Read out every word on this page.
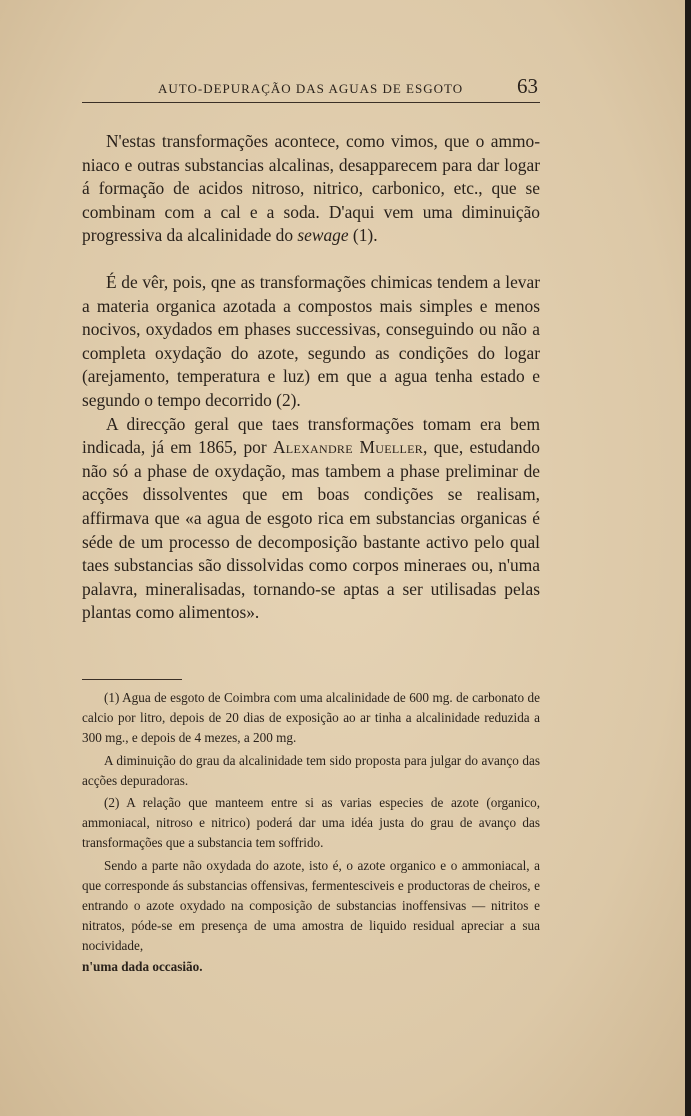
AUTO-DEPURAÇÃO DAS AGUAS DE ESGOTO	63

N'estas transformações acontece, como vimos, que o ammoniaco e outras substancias alcalinas, desapparecem para dar logar á formação de acidos nitroso, nitrico, carbonico, etc., que se combinam com a cal e a soda. D'aqui vem uma diminuição progressiva da alcalinidade do sewage (1).

É de vêr, pois, qne as transformações chimicas tendem a levar a materia organica azotada a compostos mais simples e menos nocivos, oxydados em phases successivas, conseguindo ou não a completa oxydação do azote, segundo as condições do logar (arejamento, temperatura e luz) em que a agua tenha estado e segundo o tempo decorrido (2).

A direcção geral que taes transformações tomam era bem indicada, já em 1865, por Alexandre Mueller, que, estudando não só a phase de oxydação, mas tambem a phase preliminar de acções dissolventes que em boas condições se realisam, affirmava que «a agua de esgoto rica em substancias organicas é séde de um processo de decomposição bastante activo pelo qual taes substancias são dissolvidas como corpos mineraes ou, n'uma palavra, mineralisadas, tornando-se aptas a ser utilisadas pelas plantas como alimentos».

(1) Agua de esgoto de Coimbra com uma alcalinidade de 600 mg. de carbonato de calcio por litro, depois de 20 dias de exposição ao ar tinha a alcalinidade reduzida a 300 mg., e depois de 4 mezes, a 200 mg.

A diminuição do grau da alcalinidade tem sido proposta para julgar do avanço das acções depuradoras.

(2) A relação que manteem entre si as varias especies de azote (organico, ammoniacal, nitroso e nitrico) poderá dar uma idéa justa do grau de avanço das transformações que a substancia tem soffrido.

Sendo a parte não oxydada do azote, isto é, o azote organico e o ammoniacal, a que corresponde ás substancias offensivas, fermentesciveis e productoras de cheiros, e entrando o azote oxydado na composição de substancias inoffensivas — nitritos e nitratos, póde-se em presença de uma amostra de liquido residual apreciar a sua nocividade,

n'uma dada occasião.
